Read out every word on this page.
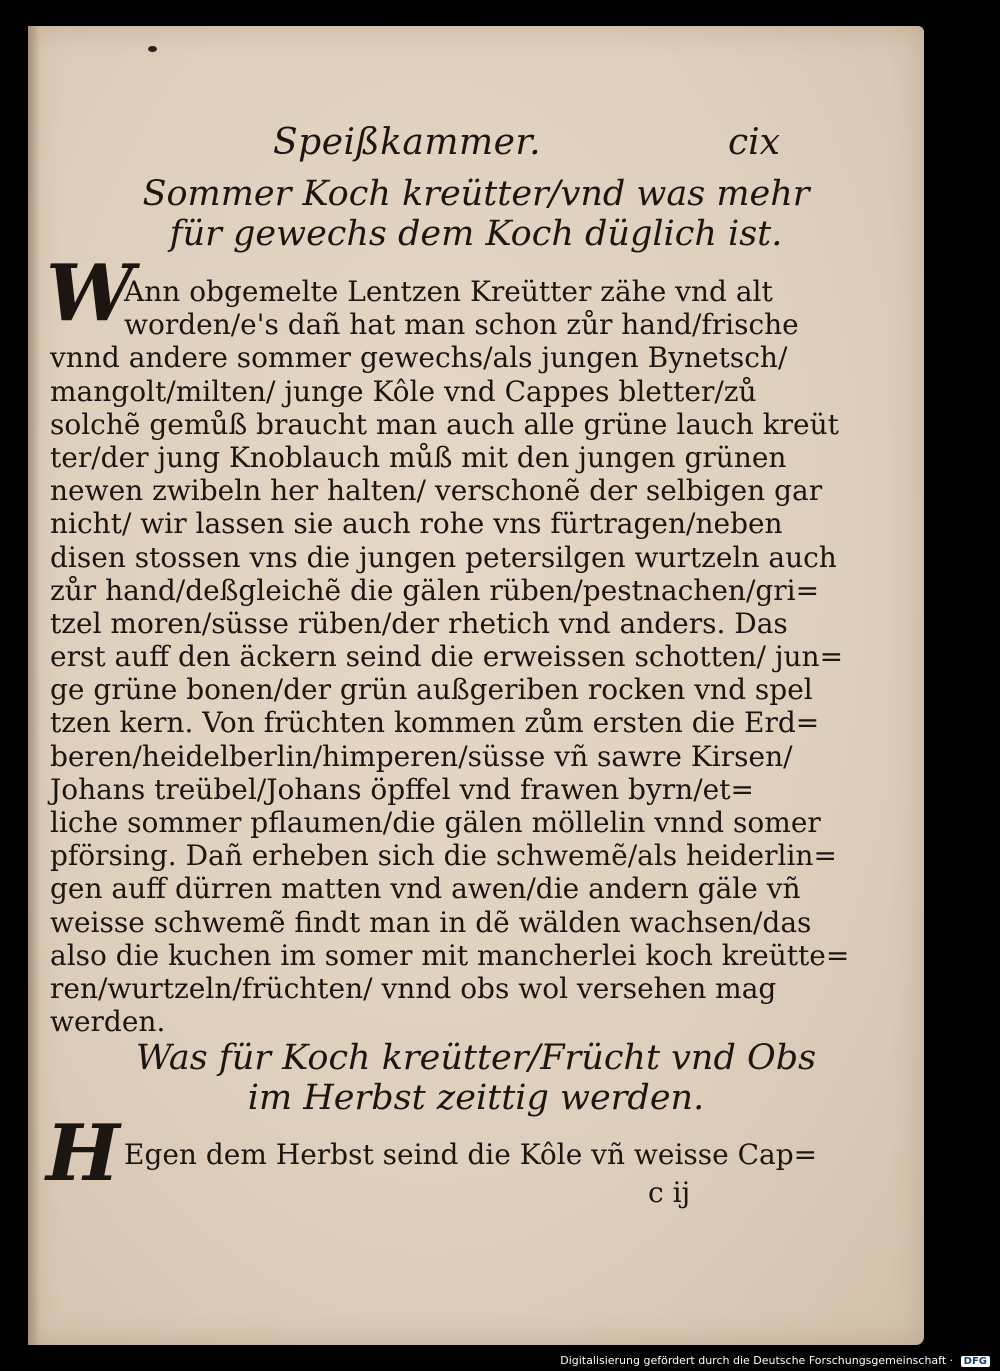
Speißkammer.	cix
Sommer Koch kreütter/vnd was mehr
für gewechs dem Koch düglich ist.
W
Ann obgemelte Lentzen Kreütter zähe vnd alt
worden/e's dañ hat man schon zůr hand/frische
vnnd andere sommer gewechs/als jungen Bynetsch/
mangolt/milten/ junge Kôle vnd Cappes bletter/zů
solchẽ gemůß braucht man auch alle grüne lauch kreüt
ter/der jung Knoblauch můß mit den jungen grünen
newen zwibeln her halten/ verschonẽ der selbigen gar
nicht/ wir lassen sie auch rohe vns fürtragen/neben
disen stossen vns die jungen petersilgen wurtzeln auch
zůr hand/deßgleichẽ die gälen rüben/pestnachen/gri=
tzel moren/süsse rüben/der rhetich vnd anders. Das
erst auff den äckern seind die erweissen schotten/ jun=
ge grüne bonen/der grün außgeriben rocken vnd spel
tzen kern. Von früchten kommen zům ersten die Erd=
beren/heidelberlin/himperen/süsse vñ sawre Kirsen/
Johans treübel/Johans öpffel vnd frawen byrn/et=
liche sommer pflaumen/die gälen möllelin vnnd somer
pförsing. Dañ erheben sich die schwemẽ/als heiderlin=
gen auff dürren matten vnd awen/die andern gäle vñ
weisse schwemẽ findt man in dẽ wälden wachsen/das
also die kuchen im somer mit mancherlei koch kreütte=
ren/wurtzeln/früchten/ vnnd obs wol versehen mag
werden.
Was für Koch kreütter/Frücht vnd Obs
im Herbst zeittig werden.
H Egen dem Herbst seind die Kôle vñ weisse Cap=
c ij
Digitalisierung gefördert durch die Deutsche Forschungsgemeinschaft · DFG
